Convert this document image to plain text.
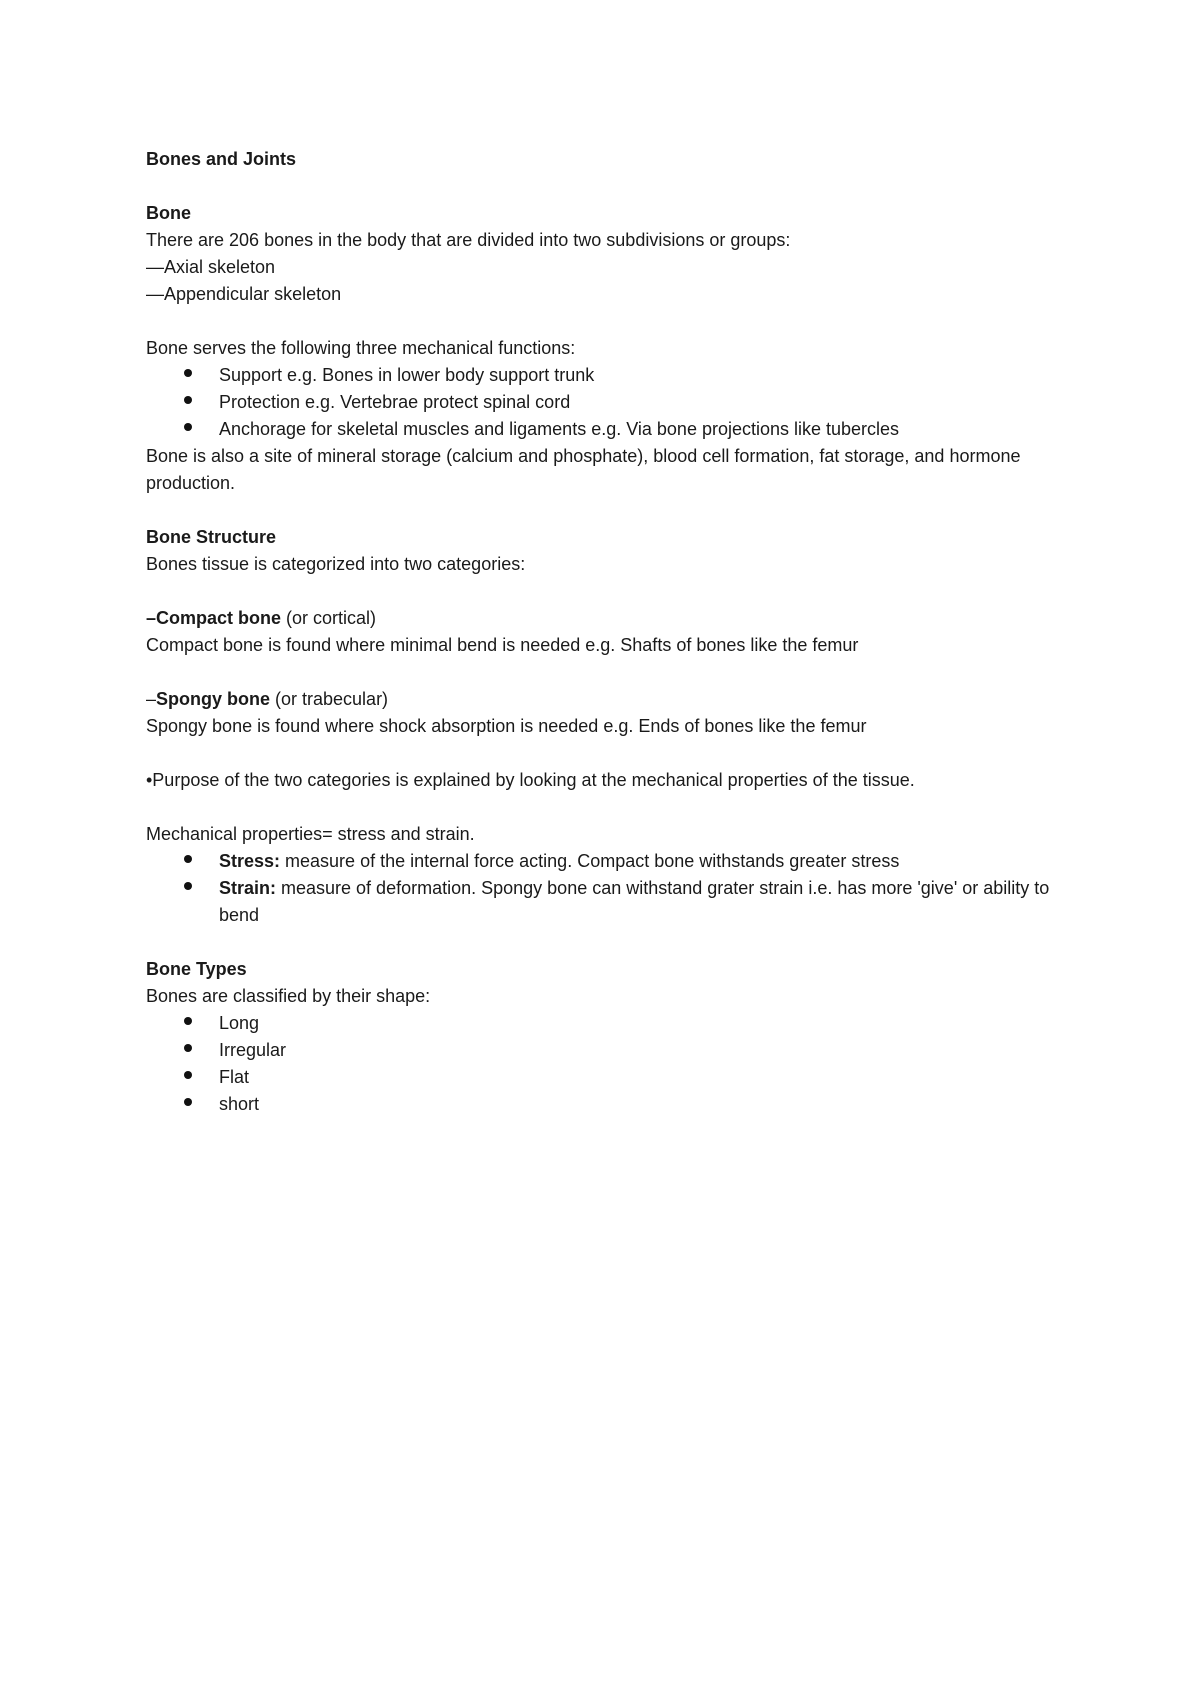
Bones and Joints
Bone
There are 206 bones in the body that are divided into two subdivisions or groups:
—Axial skeleton
—Appendicular skeleton
Bone serves the following three mechanical functions:
Support e.g. Bones in lower body support trunk
Protection e.g. Vertebrae protect spinal cord
Anchorage for skeletal muscles and ligaments e.g. Via bone projections like tubercles
Bone is also a site of mineral storage (calcium and phosphate), blood cell formation, fat storage, and hormone production.
Bone Structure
Bones tissue is categorized into two categories:
–Compact bone (or cortical)
Compact bone is found where minimal bend is needed e.g. Shafts of bones like the femur
–Spongy bone (or trabecular)
Spongy bone is found where shock absorption is needed e.g. Ends of bones like the femur
•Purpose of the two categories is explained by looking at the mechanical properties of the tissue.
Mechanical properties= stress and strain.
Stress: measure of the internal force acting. Compact bone withstands greater stress
Strain: measure of deformation. Spongy bone can withstand grater strain i.e. has more 'give' or ability to bend
Bone Types
Bones are classified by their shape:
Long
Irregular
Flat
short
